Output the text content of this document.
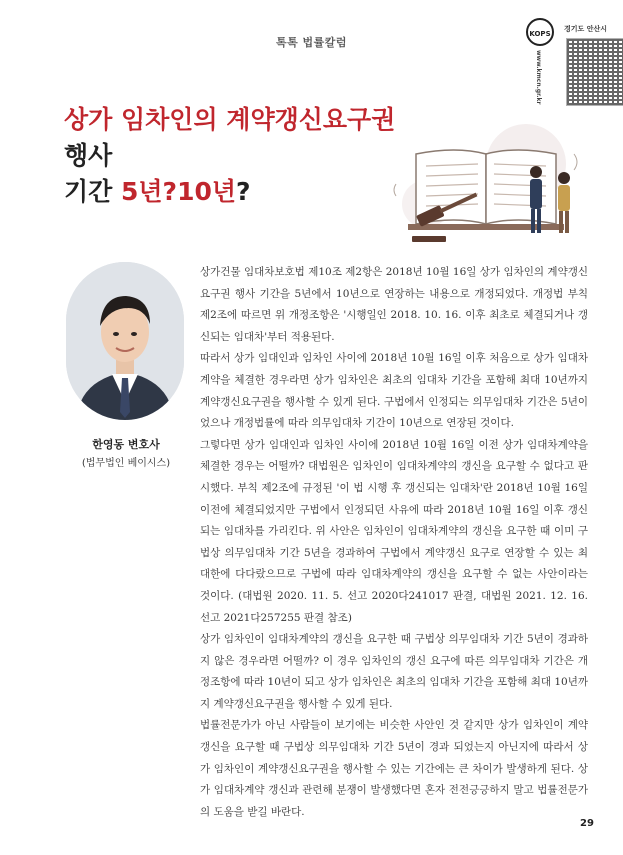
톡톡 법률칼럼
KOPS
www.kmcn.gr.kr
경기도 안산시
상가 임차인의 계약갱신요구권 행사
기간 5년?10년?
한영동 변호사
(법무법인 베이시스)

상가건물 임대차보호법 제10조 제2항은 2018년 10월 16일 상가 임차인의 계약갱신요구권 행사 기간을 5년에서 10년으로 연장하는 내용으로 개정되었다. 개정법 부칙 제2조에 따르면 위 개정조항은 '시행일인 2018. 10. 16. 이후 최초로 체결되거나 갱신되는 임대차'부터 적용된다.

따라서 상가 임대인과 임차인 사이에 2018년 10월 16일 이후 처음으로 상가 임대차계약을 체결한 경우라면 상가 임차인은 최초의 임대차 기간을 포함해 최대 10년까지 계약갱신요구권을 행사할 수 있게 된다. 구법에서 인정되는 의무임대차 기간은 5년이었으나 개정법률에 따라 의무임대차 기간이 10년으로 연장된 것이다.

그렇다면 상가 임대인과 임차인 사이에 2018년 10월 16일 이전 상가 임대차계약을 체결한 경우는 어떨까? 대법원은 임차인이 임대차계약의 갱신을 요구할 수 없다고 판시했다. 부칙 제2조에 규정된 '이 법 시행 후 갱신되는 임대차'란 2018년 10월 16일 이전에 체결되었지만 구법에서 인정되던 사유에 따라 2018년 10월 16일 이후 갱신되는 임대차를 가리킨다. 위 사안은 임차인이 임대차계약의 갱신을 요구한 때 이미 구법상 의무임대차 기간 5년을 경과하여 구법에서 계약갱신 요구로 연장할 수 있는 최대한에 다다랐으므로 구법에 따라 임대차계약의 갱신을 요구할 수 없는 사안이라는 것이다. (대법원 2020. 11. 5. 선고 2020다241017 판결, 대법원 2021. 12. 16. 선고 2021다257255 판결 참조)

상가 임차인이 임대차계약의 갱신을 요구한 때 구법상 의무임대차 기간 5년이 경과하지 않은 경우라면 어떨까? 이 경우 임차인의 갱신 요구에 따른 의무임대차 기간은 개정조항에 따라 10년이 되고 상가 임차인은 최초의 임대차 기간을 포함해 최대 10년까지 계약갱신요구권을 행사할 수 있게 된다.

법률전문가가 아닌 사람들이 보기에는 비슷한 사안인 것 같지만 상가 임차인이 계약갱신을 요구할 때 구법상 의무임대차 기간 5년이 경과 되었는지 아닌지에 따라서 상가 임차인이 계약갱신요구권을 행사할 수 있는 기간에는 큰 차이가 발생하게 된다. 상가 임대차계약 갱신과 관련해 분쟁이 발생했다면 혼자 전전긍긍하지 말고 법률전문가의 도움을 받길 바란다.

29
